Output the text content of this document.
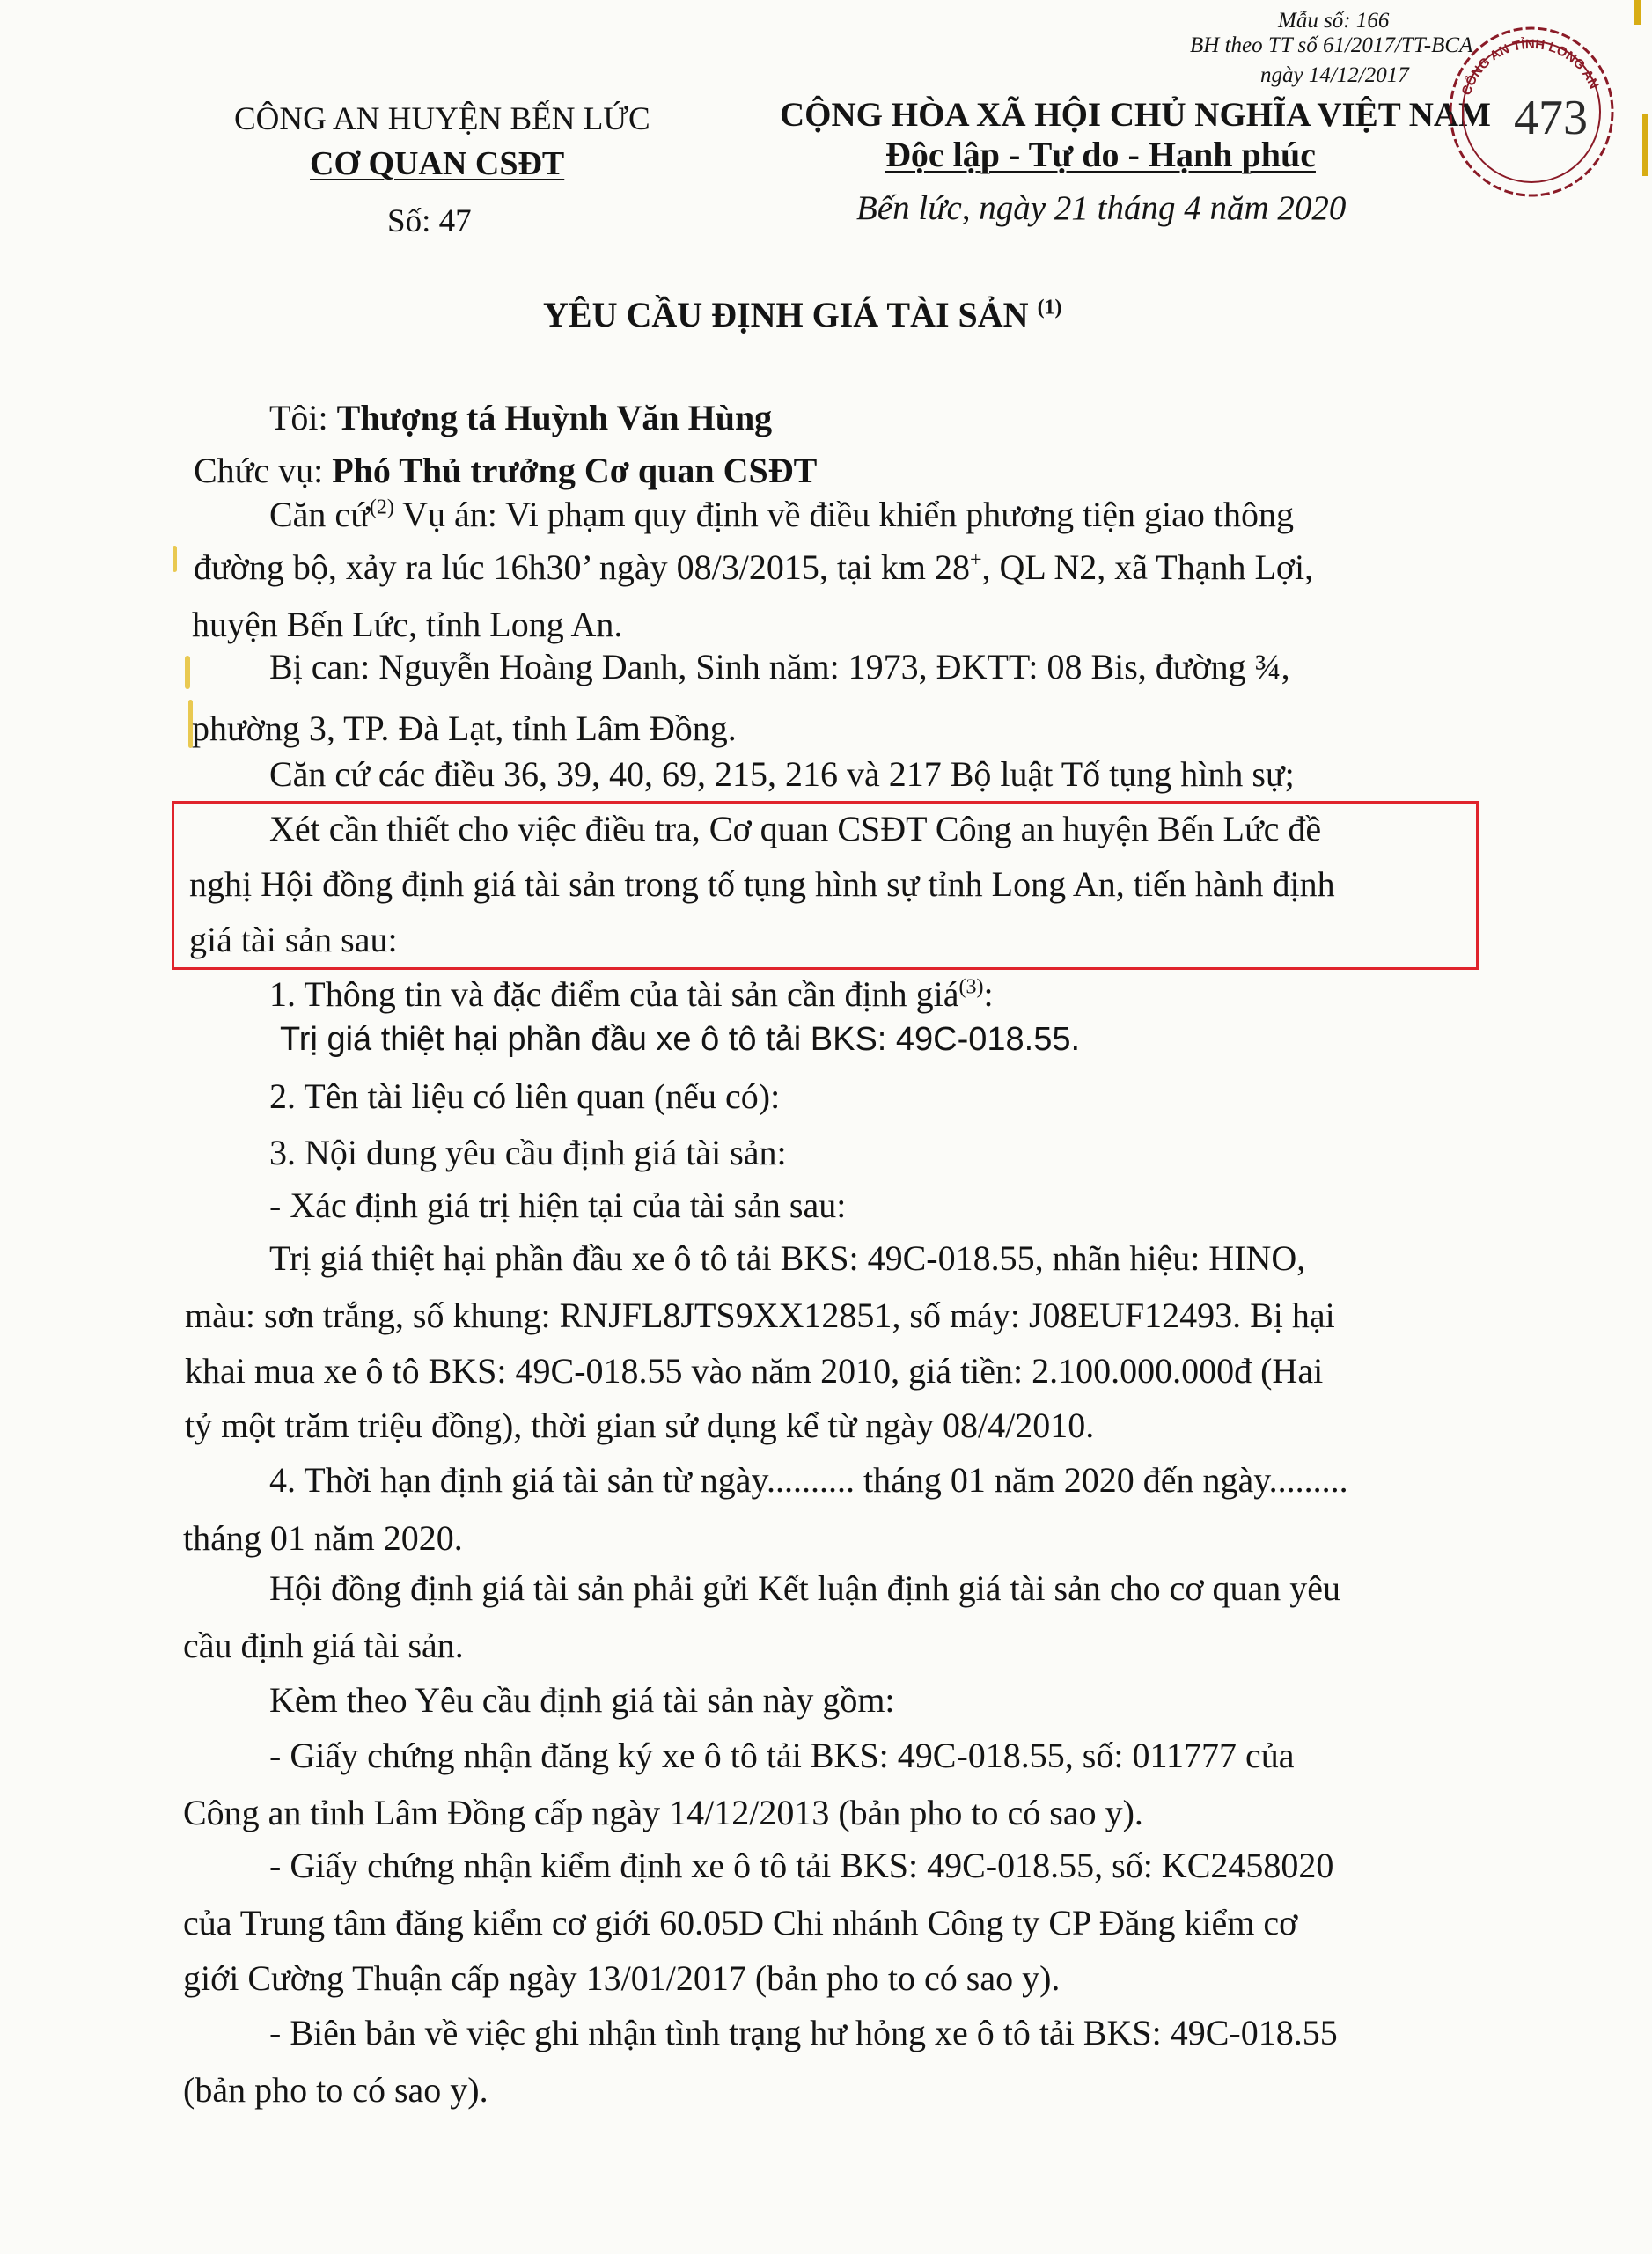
CÔNG AN HUYỆN BẾN LỨC
CƠ QUAN CSĐT
Số: 47
Mẫu số: 166
BH theo TT số 61/2017/TT-BCA
ngày 14/12/2017
CỘNG HÒA XÃ HỘI CHỦ NGHĨA VIỆT NAM
Độc lập - Tự do - Hạnh phúc
Bến lức, ngày 21 tháng 4 năm 2020
CÔNG AN TỈNH LONG AN
473
YÊU CẦU ĐỊNH GIÁ TÀI SẢN $^{(1)}$
Tôi: Thượng tá Huỳnh Văn Hùng
Chức vụ: Phó Thủ trưởng Cơ quan CSĐT
Căn cứ$^{(2)}$ Vụ án: Vi phạm quy định về điều khiển phương tiện giao thông
đường bộ, xảy ra lúc 16h30’ ngày 08/3/2015, tại km 28+, QL N2, xã Thạnh Lợi,
huyện Bến Lức, tỉnh Long An.
Bị can: Nguyễn Hoàng Danh, Sinh năm: 1973, ĐKTT: 08 Bis, đường ¾,
phường 3, TP. Đà Lạt, tỉnh Lâm Đồng.
Căn cứ các điều 36, 39, 40, 69, 215, 216 và 217 Bộ luật Tố tụng hình sự;
Xét cần thiết cho việc điều tra, Cơ quan CSĐT Công an huyện Bến Lức đề
nghị Hội đồng định giá tài sản trong tố tụng hình sự tỉnh Long An, tiến hành định
giá tài sản sau:
1. Thông tin và đặc điểm của tài sản cần định giá$^{(3)}$:
Trị giá thiệt hại phần đầu xe ô tô tải BKS: 49C-018.55.
2. Tên tài liệu có liên quan (nếu có):
3. Nội dung yêu cầu định giá tài sản:
- Xác định giá trị hiện tại của tài sản sau:
Trị giá thiệt hại phần đầu xe ô tô tải BKS: 49C-018.55, nhãn hiệu: HINO,
màu: sơn trắng, số khung: RNJFL8JTS9XX12851, số máy: J08EUF12493. Bị hại
khai mua xe ô tô BKS: 49C-018.55 vào năm 2010, giá tiền: 2.100.000.000đ (Hai
tỷ một trăm triệu đồng), thời gian sử dụng kể từ ngày 08/4/2010.
4. Thời hạn định giá tài sản từ ngày.......... tháng 01 năm 2020 đến ngày.........
tháng 01 năm 2020.
Hội đồng định giá tài sản phải gửi Kết luận định giá tài sản cho cơ quan yêu
cầu định giá tài sản.
Kèm theo Yêu cầu định giá tài sản này gồm:
- Giấy chứng nhận đăng ký xe ô tô tải BKS: 49C-018.55, số: 011777 của
Công an tỉnh Lâm Đồng cấp ngày 14/12/2013 (bản pho to có sao y).
- Giấy chứng nhận kiểm định xe ô tô tải BKS: 49C-018.55, số: KC2458020
của Trung tâm đăng kiểm cơ giới 60.05D Chi nhánh Công ty CP Đăng kiểm cơ
giới Cường Thuận cấp ngày 13/01/2017 (bản pho to có sao y).
- Biên bản về việc ghi nhận tình trạng hư hỏng xe ô tô tải BKS: 49C-018.55
(bản pho to có sao y).
